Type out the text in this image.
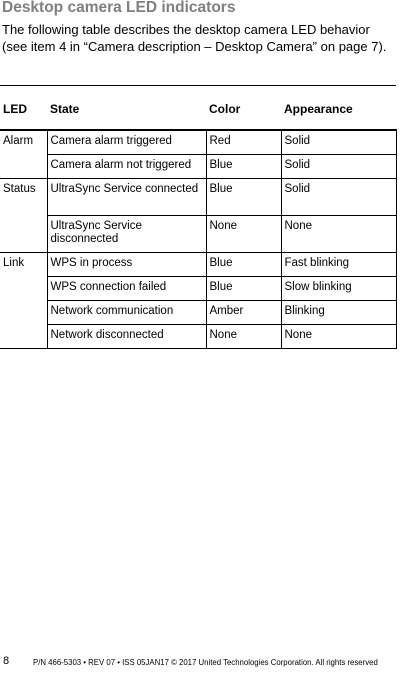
Desktop camera LED indicators
The following table describes the desktop camera LED behavior (see item 4 in “Camera description – Desktop Camera” on page 7).
LED	State	Color	Appearance
Alarm	Camera alarm triggered	Red	Solid
	Camera alarm not triggered	Blue	Solid
Status	UltraSync Service connected	Blue	Solid
	UltraSync Service disconnected	None	None
Link	WPS in process	Blue	Fast blinking
	WPS connection failed	Blue	Slow blinking
	Network communication	Amber	Blinking
	Network disconnected	None	None
8	P/N 466-5303 • REV 07 • ISS 05JAN17 © 2017 United Technologies Corporation. All rights reserved
